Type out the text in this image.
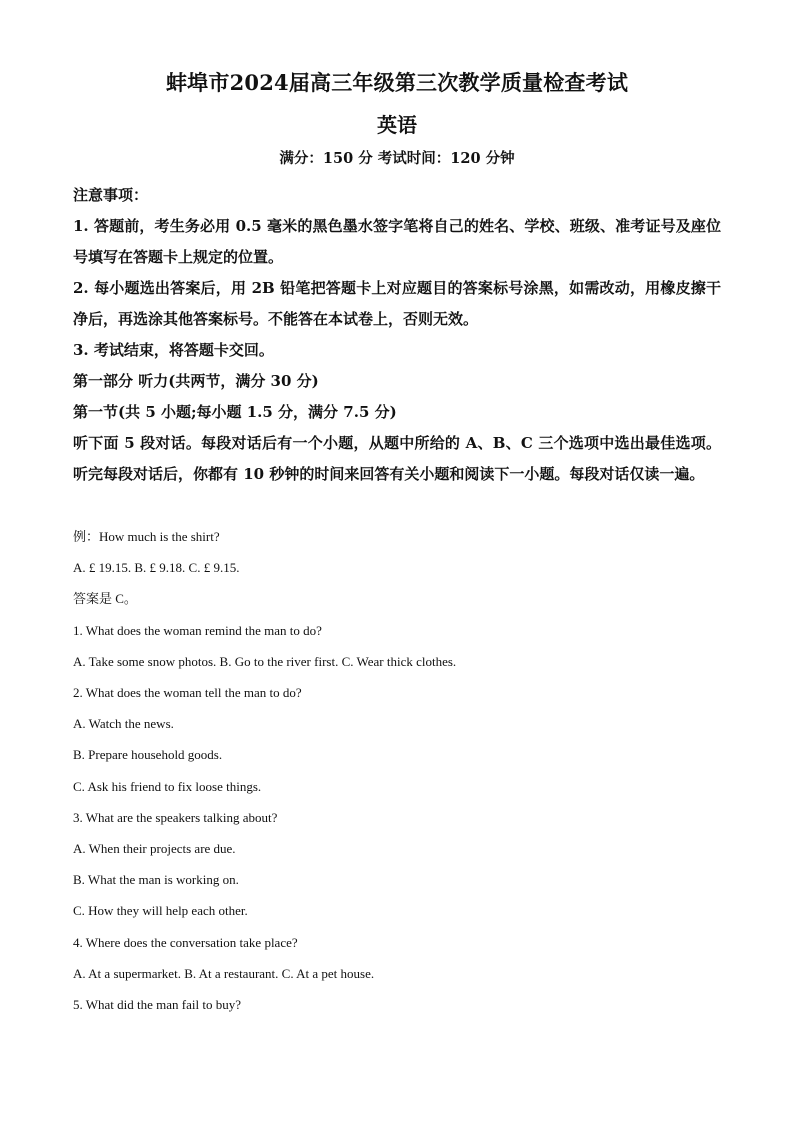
蚌埠市2024届高三年级第三次教学质量检查考试
英语
满分：150 分 考试时间：120 分钟

注意事项：

1. 答题前，考生务必用 0.5 毫米的黑色墨水签字笔将自己的姓名、学校、班级、准考证号及座位号填写在答题卡上规定的位置。

2. 每小题选出答案后，用 2B 铅笔把答题卡上对应题目的答案标号涂黑，如需改动，用橡皮擦干净后，再选涂其他答案标号。不能答在本试卷上，否则无效。

3. 考试结束，将答题卡交回。

第一部分 听力(共两节，满分 30 分)

第一节(共 5 小题;每小题 1.5 分，满分 7.5 分)

听下面 5 段对话。每段对话后有一个小题，从题中所给的 A、B、C 三个选项中选出最佳选项。听完每段对话后，你都有 10 秒钟的时间来回答有关小题和阅读下一小题。每段对话仅读一遍。

例：How much is the shirt?

A. £ 19.15. B. £ 9.18. C. £ 9.15.

答案是 C。

1. What does the woman remind the man to do?

A. Take some snow photos. B. Go to the river first. C. Wear thick clothes.

2. What does the woman tell the man to do?

A. Watch the news.

B. Prepare household goods.

C. Ask his friend to fix loose things.

3. What are the speakers talking about?

A. When their projects are due.

B. What the man is working on.

C. How they will help each other.

4. Where does the conversation take place?

A. At a supermarket. B. At a restaurant. C. At a pet house.

5. What did the man fail to buy?
